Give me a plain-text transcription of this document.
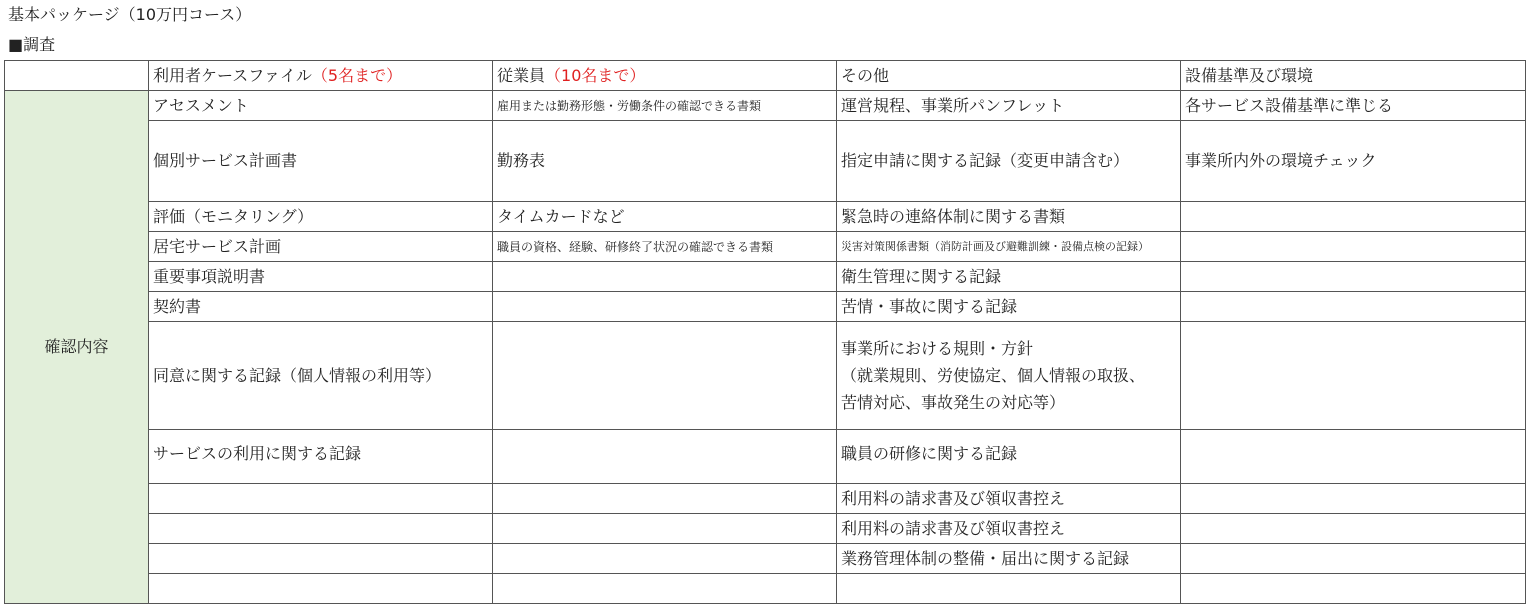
基本パッケージ（10万円コース）
■調査
	利用者ケースファイル（5名まで）	従業員（10名まで）	その他	設備基準及び環境
確認内容	アセスメント	雇用または勤務形態・労働条件の確認できる書類	運営規程、事業所パンフレット	各サービス設備基準に準じる
	個別サービス計画書	勤務表	指定申請に関する記録（変更申請含む）	事業所内外の環境チェック
	評価（モニタリング）	タイムカードなど	緊急時の連絡体制に関する書類	
	居宅サービス計画	職員の資格、経験、研修終了状況の確認できる書類	災害対策関係書類（消防計画及び避難訓練・設備点検の記録）	
	重要事項説明書		衛生管理に関する記録	
	契約書		苦情・事故に関する記録	
	同意に関する記録（個人情報の利用等）		事業所における規則・方針
（就業規則、労使協定、個人情報の取扱、
苦情対応、事故発生の対応等）	
	サービスの利用に関する記録		職員の研修に関する記録	
			利用料の請求書及び領収書控え	
			利用料の請求書及び領収書控え	
			業務管理体制の整備・届出に関する記録	
